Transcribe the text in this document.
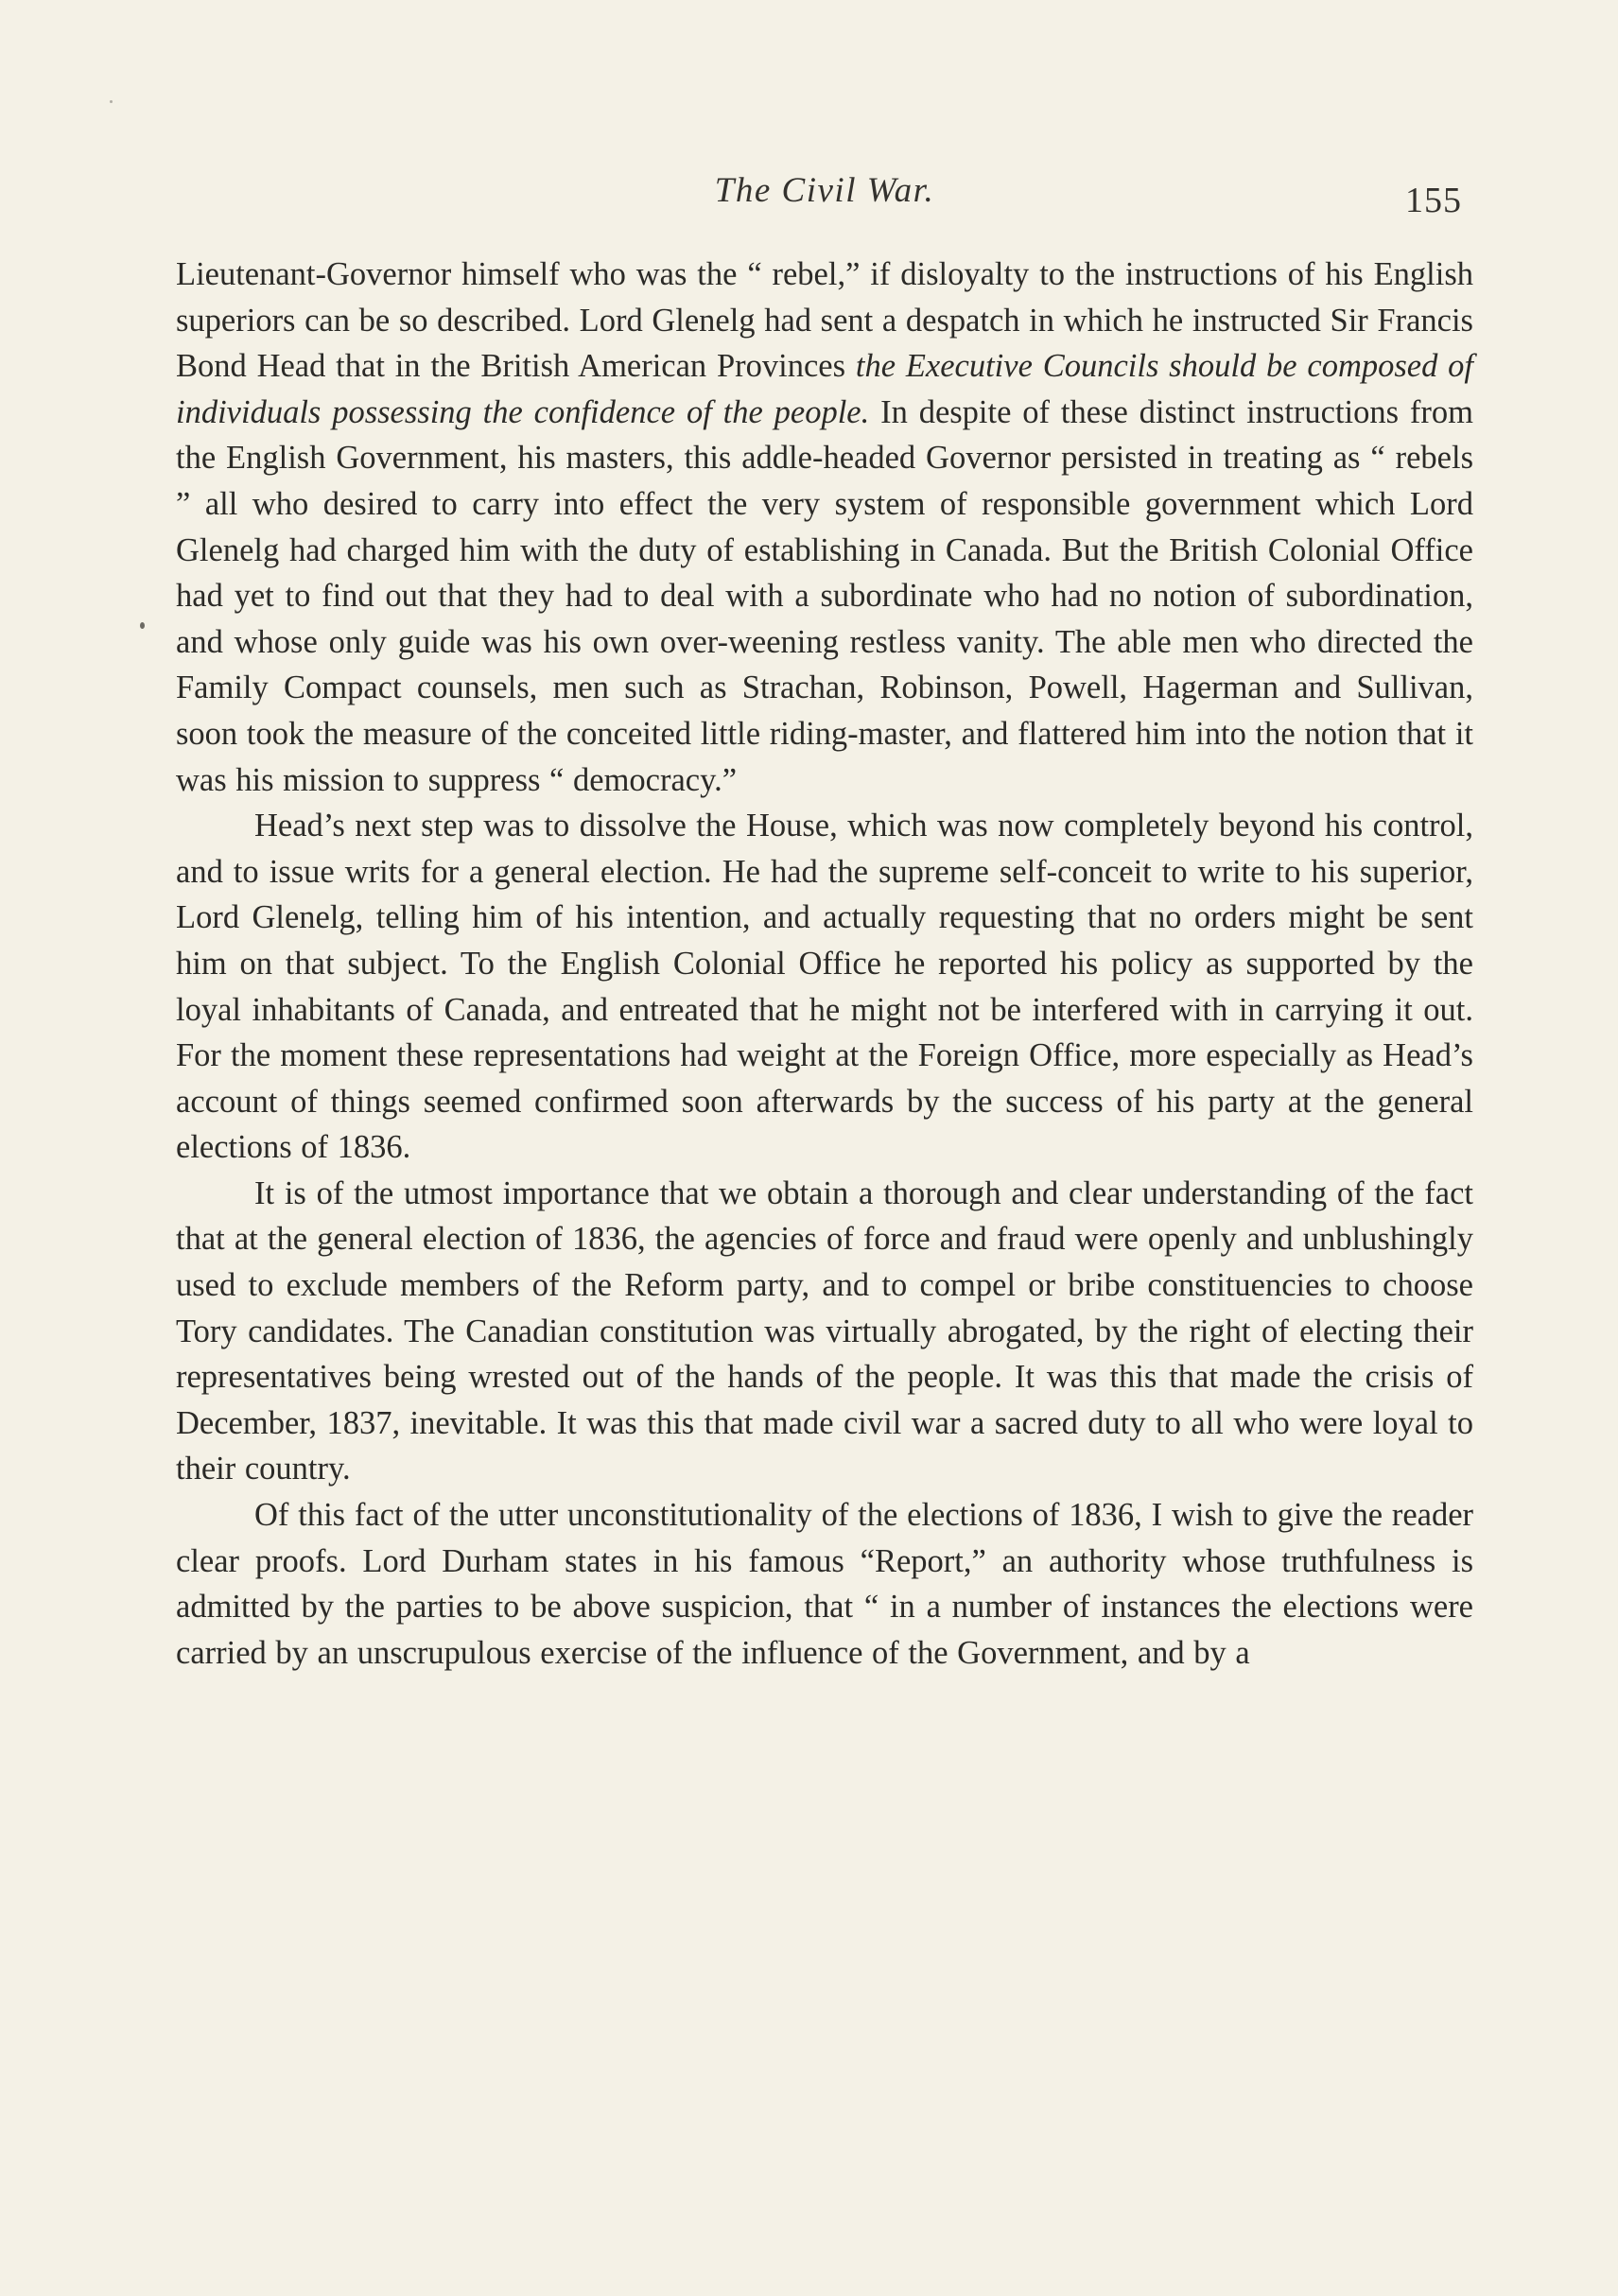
The Civil War.	155

Lieutenant-Governor himself who was the “ rebel,” if disloyalty to the instructions of his English superiors can be so described. Lord Glenelg had sent a despatch in which he instructed Sir Francis Bond Head that in the British American Provinces the Executive Councils should be composed of individuals possessing the confidence of the people. In despite of these distinct instructions from the English Government, his masters, this addle-headed Governor persisted in treating as “ rebels ” all who desired to carry into effect the very system of responsible government which Lord Glenelg had charged him with the duty of establishing in Canada. But the British Colonial Office had yet to find out that they had to deal with a subordinate who had no notion of subordination, and whose only guide was his own over-weening restless vanity. The able men who directed the Family Compact counsels, men such as Strachan, Robinson, Powell, Hagerman and Sullivan, soon took the measure of the conceited little riding-master, and flattered him into the notion that it was his mission to suppress “ democracy.”

Head’s next step was to dissolve the House, which was now completely beyond his control, and to issue writs for a general election. He had the supreme self-conceit to write to his superior, Lord Glenelg, telling him of his intention, and actually requesting that no orders might be sent him on that subject. To the English Colonial Office he reported his policy as supported by the loyal inhabitants of Canada, and entreated that he might not be interfered with in carrying it out. For the moment these representations had weight at the Foreign Office, more especially as Head’s account of things seemed confirmed soon afterwards by the success of his party at the general elections of 1836.

It is of the utmost importance that we obtain a thorough and clear understanding of the fact that at the general election of 1836, the agencies of force and fraud were openly and unblushingly used to exclude members of the Reform party, and to compel or bribe constituencies to choose Tory candidates. The Canadian constitution was virtually abrogated, by the right of electing their representatives being wrested out of the hands of the people. It was this that made the crisis of December, 1837, inevitable. It was this that made civil war a sacred duty to all who were loyal to their country.

Of this fact of the utter unconstitutionality of the elections of 1836, I wish to give the reader clear proofs. Lord Durham states in his famous “Report,” an authority whose truthfulness is admitted by the parties to be above suspicion, that “ in a number of instances the elections were carried by an unscrupulous exercise of the influence of the Government, and by a
